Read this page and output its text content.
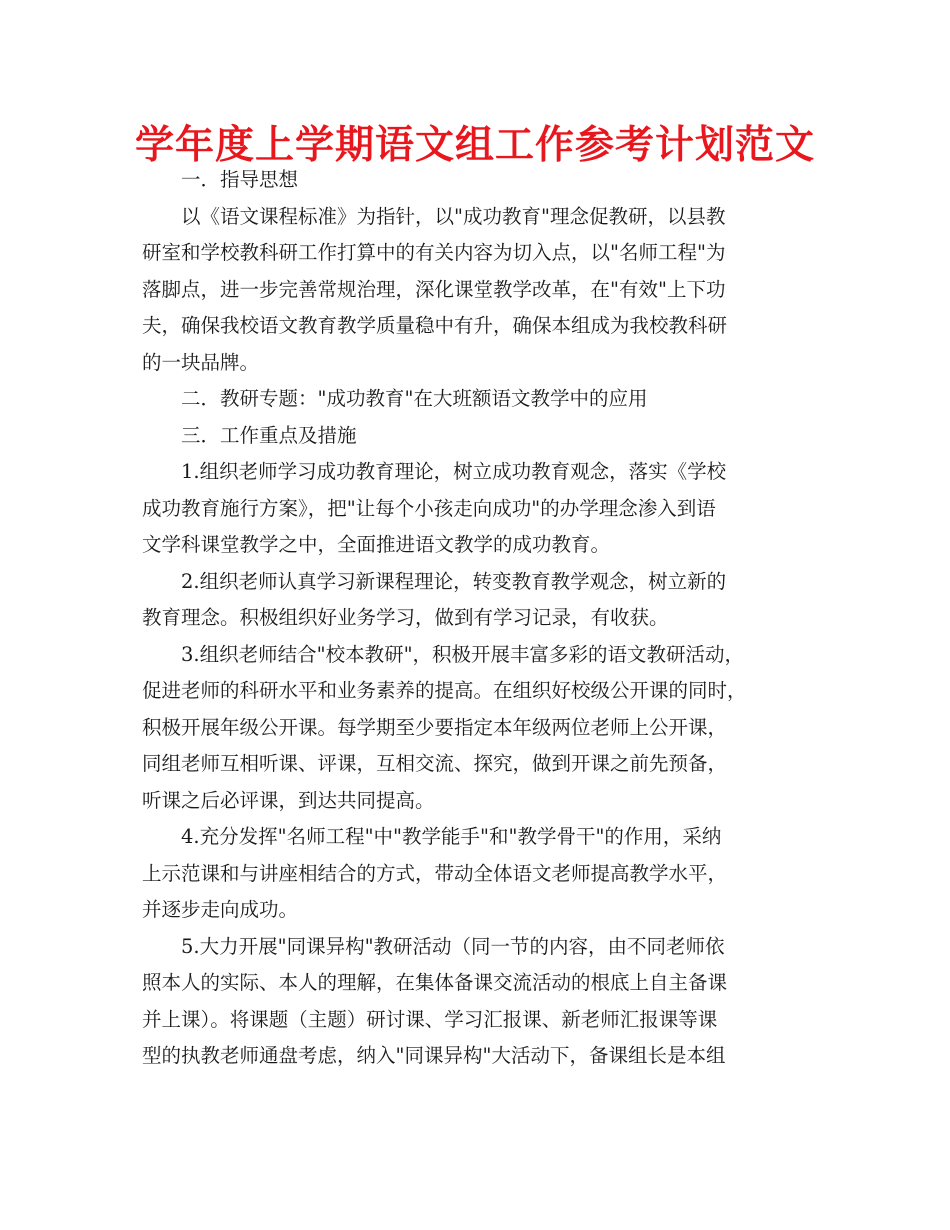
学年度上学期语文组工作参考计划范文
一．指导思想
以《语文课程标准》为指针，以"成功教育"理念促教研，以县教
研室和学校教科研工作打算中的有关内容为切入点，以"名师工程"为
落脚点，进一步完善常规治理，深化课堂教学改革，在"有效"上下功
夫，确保我校语文教育教学质量稳中有升，确保本组成为我校教科研
的一块品牌。
二．教研专题："成功教育"在大班额语文教学中的应用
三．工作重点及措施
1.组织老师学习成功教育理论，树立成功教育观念，落实《学校
成功教育施行方案》，把"让每个小孩走向成功"的办学理念渗入到语
文学科课堂教学之中，全面推进语文教学的成功教育。
2.组织老师认真学习新课程理论，转变教育教学观念，树立新的
教育理念。积极组织好业务学习，做到有学习记录，有收获。
3.组织老师结合"校本教研"，积极开展丰富多彩的语文教研活动，
促进老师的科研水平和业务素养的提高。在组织好校级公开课的同时，
积极开展年级公开课。每学期至少要指定本年级两位老师上公开课，
同组老师互相听课、评课，互相交流、探究，做到开课之前先预备，
听课之后必评课，到达共同提高。
4.充分发挥"名师工程"中"教学能手"和"教学骨干"的作用，采纳
上示范课和与讲座相结合的方式，带动全体语文老师提高教学水平，
并逐步走向成功。
5.大力开展"同课异构"教研活动（同一节的内容，由不同老师依
照本人的实际、本人的理解，在集体备课交流活动的根底上自主备课
并上课）。将课题（主题）研讨课、学习汇报课、新老师汇报课等课
型的执教老师通盘考虑，纳入"同课异构"大活动下，备课组长是本组
